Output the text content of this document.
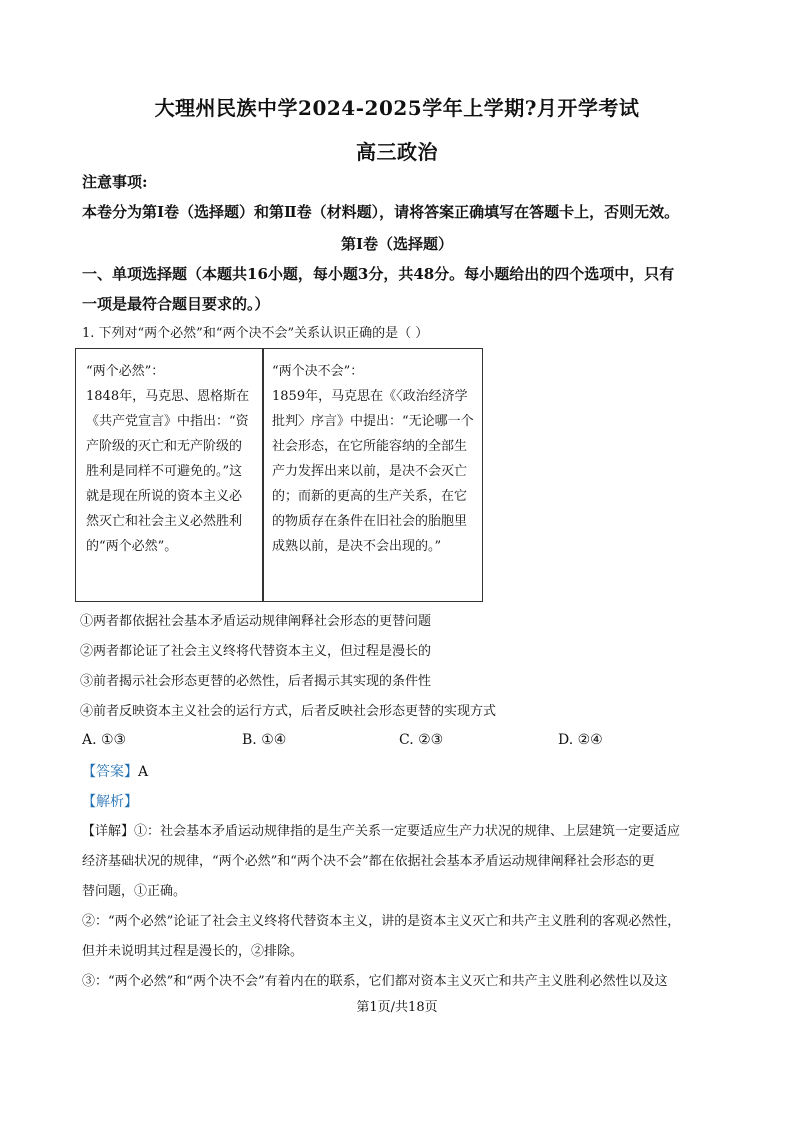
大理州民族中学2024-2025学年上学期?月开学考试
高三政治
注意事项:
本卷分为第Ⅰ卷（选择题）和第Ⅱ卷（材料题），请将答案正确填写在答题卡上，否则无效。
第Ⅰ卷（选择题）
一、单项选择题（本题共16小题，每小题3分，共48分。每小题给出的四个选项中，只有
一项是最符合题目要求的。）
1. 下列对“两个必然”和“两个决不会”关系认识正确的是（ ）
“两个必然”：
1848年，马克思、恩格斯在
《共产党宣言》中指出：“资
产阶级的灭亡和无产阶级的
胜利是同样不可避免的。”这
就是现在所说的资本主义必
然灭亡和社会主义必然胜利
的“两个必然”。
“两个决不会”：
1859年，马克思在《〈政治经济学
批判〉序言》中提出：“无论哪一个
社会形态，在它所能容纳的全部生
产力发挥出来以前，是决不会灭亡
的；而新的更高的生产关系，在它
的物质存在条件在旧社会的胎胞里
成熟以前，是决不会出现的。”
①两者都依据社会基本矛盾运动规律阐释社会形态的更替问题
②两者都论证了社会主义终将代替资本主义，但过程是漫长的
③前者揭示社会形态更替的必然性，后者揭示其实现的条件性
④前者反映资本主义社会的运行方式，后者反映社会形态更替的实现方式
A. ①③	B. ①④	C. ②③	D. ②④
【答案】A
【解析】
【详解】①：社会基本矛盾运动规律指的是生产关系一定要适应生产力状况的规律、上层建筑一定要适应
经济基础状况的规律，“两个必然”和“两个决不会”都在依据社会基本矛盾运动规律阐释社会形态的更
替问题，①正确。
②：“两个必然”论证了社会主义终将代替资本主义，讲的是资本主义灭亡和共产主义胜利的客观必然性，
但并未说明其过程是漫长的，②排除。
③：“两个必然”和“两个决不会”有着内在的联系，它们都对资本主义灭亡和共产主义胜利必然性以及这
第1页/共18页
